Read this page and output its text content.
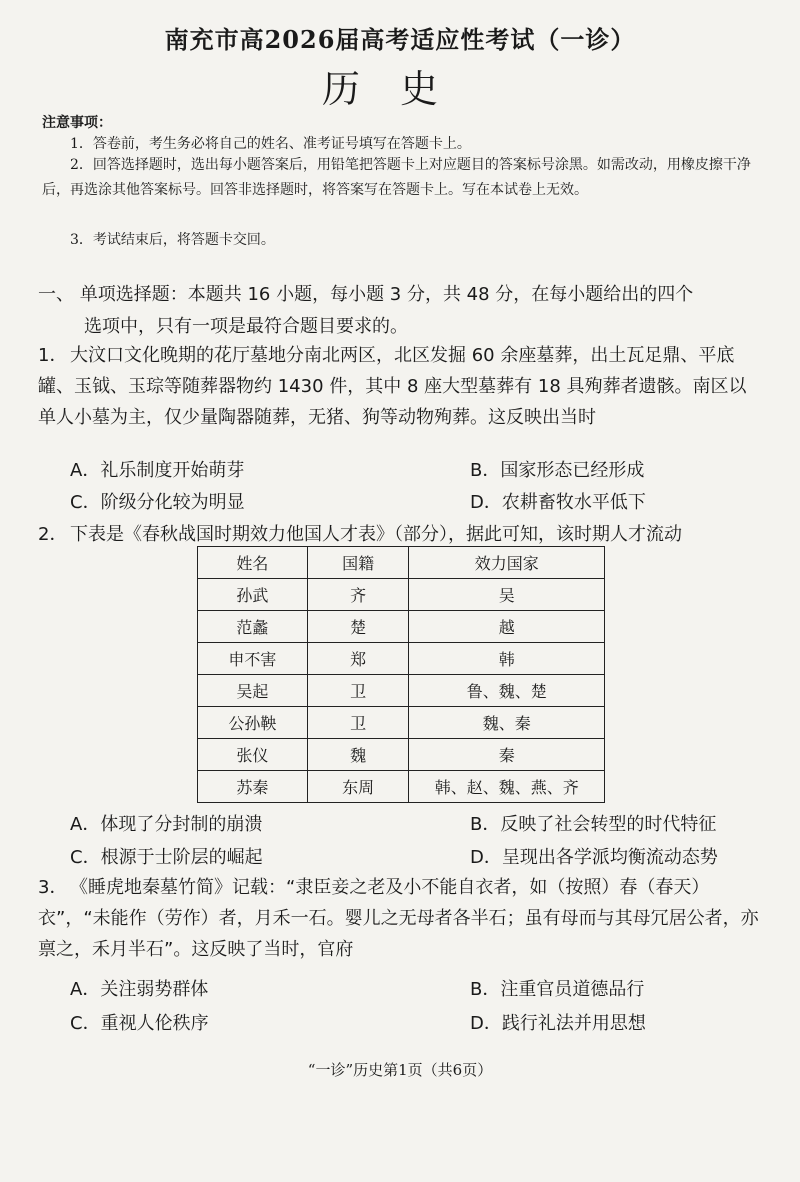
南充市高2026届高考适应性考试（一诊）
历史
注意事项：
1．答卷前，考生务必将自己的姓名、准考证号填写在答题卡上。
2．回答选择题时，选出每小题答案后，用铅笔把答题卡上对应题目的答案标号涂黑。如需改动，用橡皮擦干净后，再选涂其他答案标号。回答非选择题时，将答案写在答题卡上。写在本试卷上无效。
3．考试结束后，将答题卡交回。
一、 单项选择题：本题共 16 小题，每小题 3 分，共 48 分，在每小题给出的四个
选项中，只有一项是最符合题目要求的。
1． 大汶口文化晚期的花厅墓地分南北两区，北区发掘 60 余座墓葬，出土瓦足鼎、平底罐、玉钺、玉琮等随葬器物约 1430 件，其中 8 座大型墓葬有 18 具殉葬者遗骸。南区以单人小墓为主，仅少量陶器随葬，无猪、狗等动物殉葬。这反映出当时
A．礼乐制度开始萌芽	B．国家形态已经形成
C．阶级分化较为明显	D．农耕畜牧水平低下
2． 下表是《春秋战国时期效力他国人才表》（部分），据此可知，该时期人才流动
姓名	国籍	效力国家
孙武	齐	吴
范蠡	楚	越
申不害	郑	韩
吴起	卫	鲁、魏、楚
公孙鞅	卫	魏、秦
张仪	魏	秦
苏秦	东周	韩、赵、魏、燕、齐
A．体现了分封制的崩溃	B．反映了社会转型的时代特征
C．根源于士阶层的崛起	D．呈现出各学派均衡流动态势
3． 《睡虎地秦墓竹简》记载：“隶臣妾之老及小不能自衣者，如（按照）春（春天）衣”，“未能作（劳作）者，月禾一石。婴儿之无母者各半石；虽有母而与其母冗居公者，亦禀之，禾月半石”。这反映了当时，官府
A．关注弱势群体	B．注重官员道德品行
C．重视人伦秩序	D．践行礼法并用思想
“一诊”历史第1页（共6页）
